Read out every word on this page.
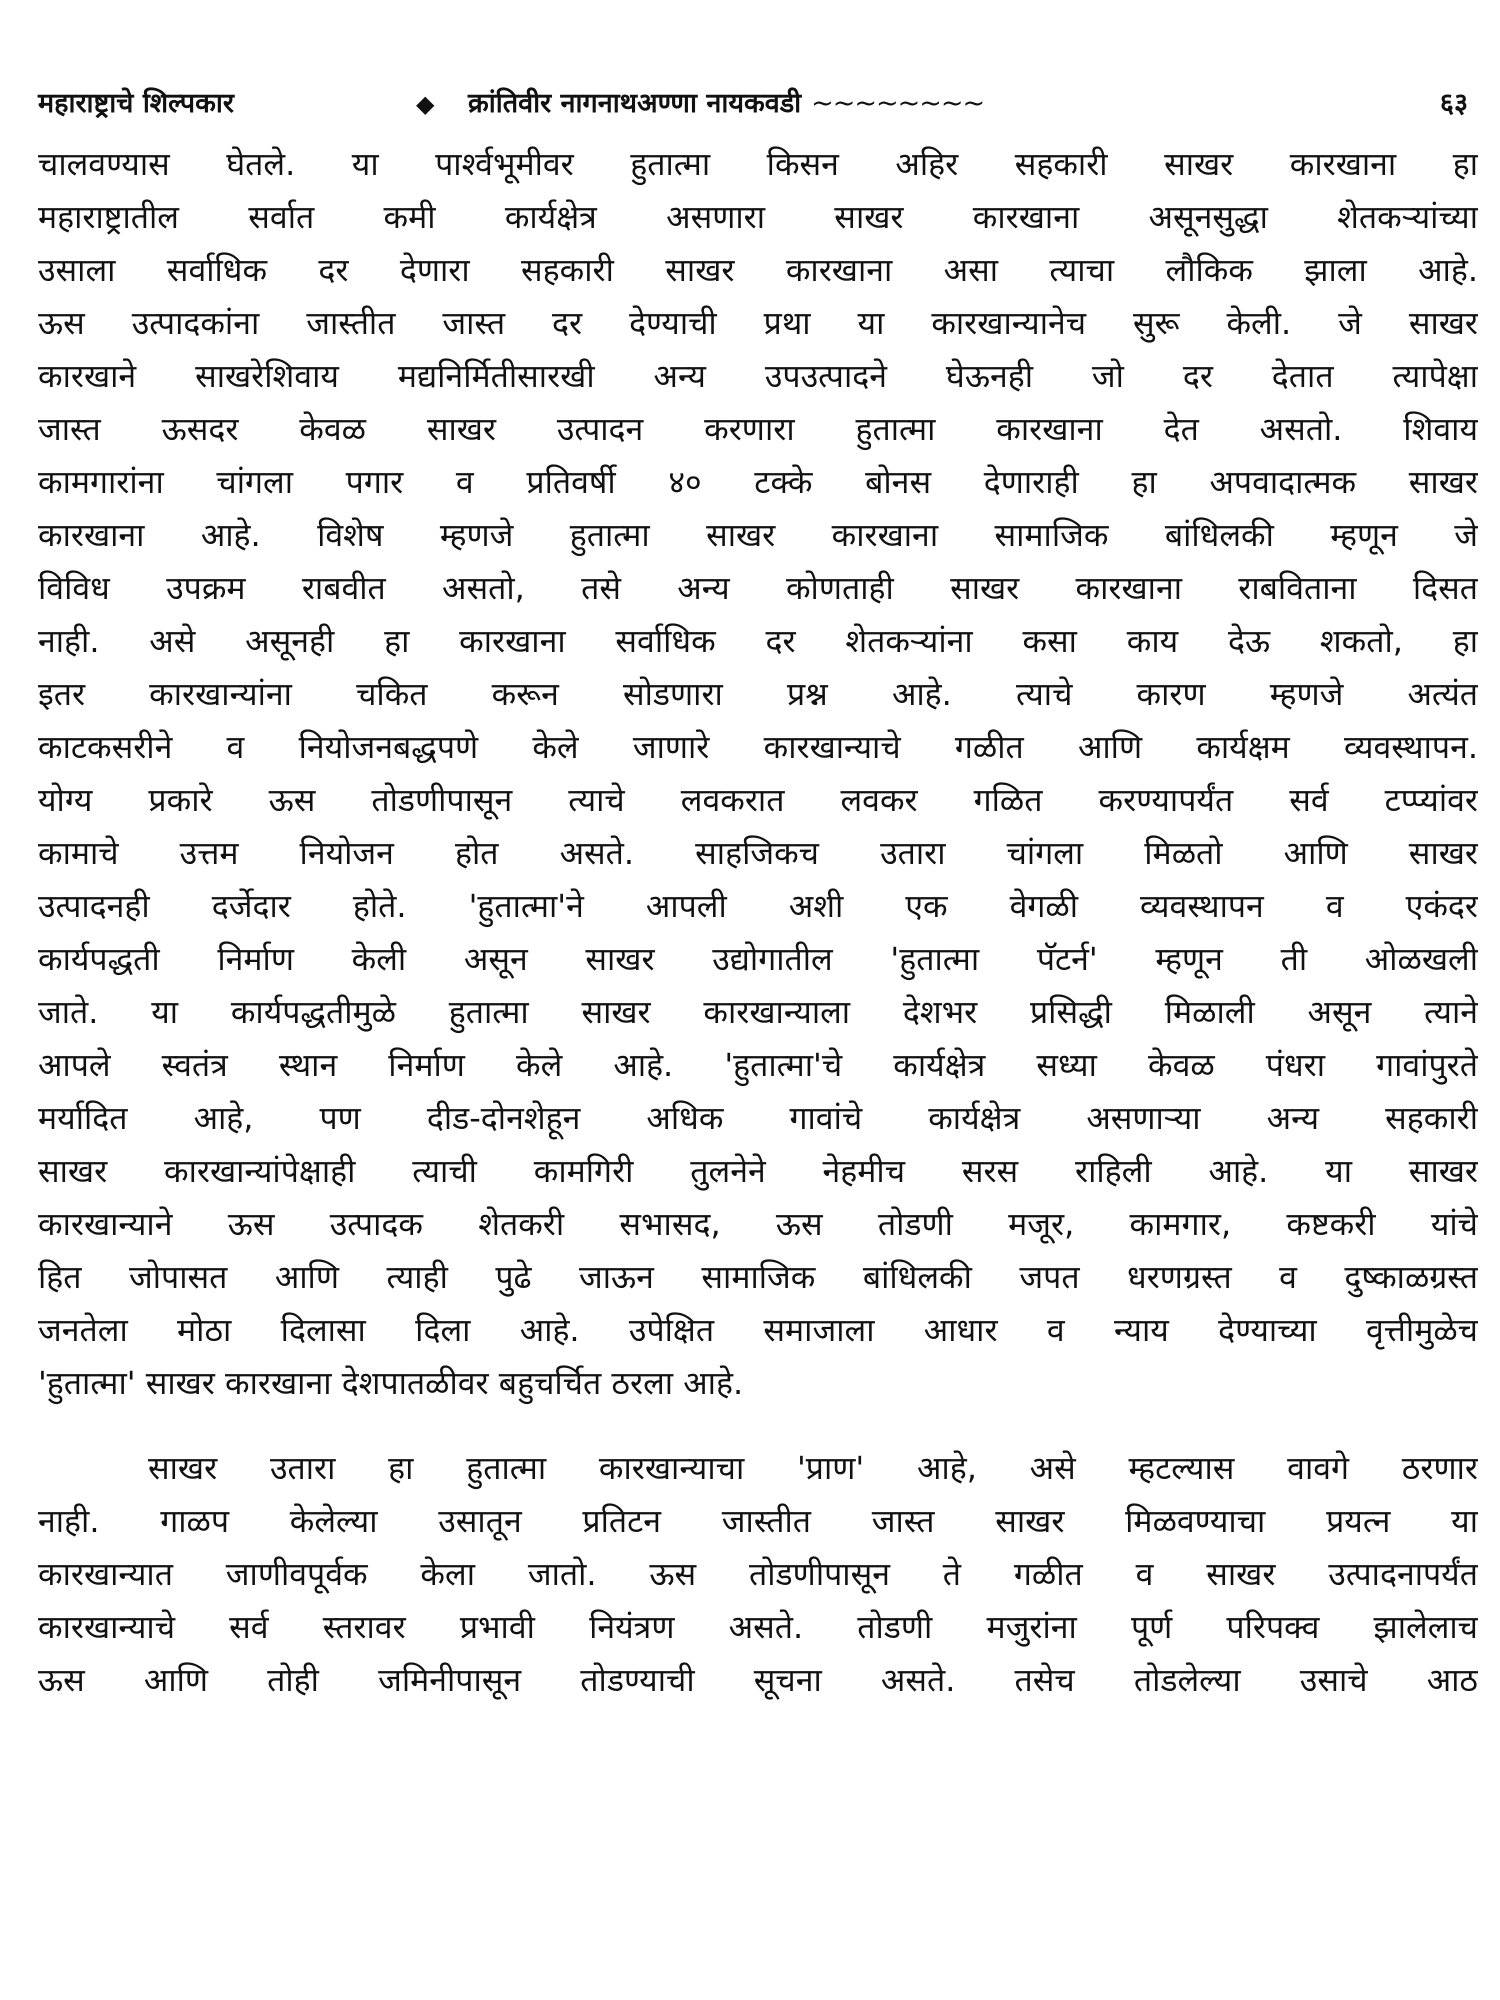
महाराष्ट्राचे शिल्पकार	◆ क्रांतिवीर नागनाथअण्णा नायकवडी ~~~~~~~~	६३
चालवण्यास घेतले. या पार्श्वभूमीवर हुतात्मा किसन अहिर सहकारी साखर कारखाना हा
महाराष्ट्रातील सर्वात कमी कार्यक्षेत्र असणारा साखर कारखाना असूनसुद्धा शेतकऱ्यांच्या
उसाला सर्वाधिक दर देणारा सहकारी साखर कारखाना असा त्याचा लौकिक झाला आहे.
ऊस उत्पादकांना जास्तीत जास्त दर देण्याची प्रथा या कारखान्यानेच सुरू केली. जे साखर
कारखाने साखरेशिवाय मद्यनिर्मितीसारखी अन्य उपउत्पादने घेऊनही जो दर देतात त्यापेक्षा
जास्त ऊसदर केवळ साखर उत्पादन करणारा हुतात्मा कारखाना देत असतो. शिवाय
कामगारांना चांगला पगार व प्रतिवर्षी ४० टक्के बोनस देणाराही हा अपवादात्मक साखर
कारखाना आहे. विशेष म्हणजे हुतात्मा साखर कारखाना सामाजिक बांधिलकी म्हणून जे
विविध उपक्रम राबवीत असतो, तसे अन्य कोणताही साखर कारखाना राबविताना दिसत
नाही. असे असूनही हा कारखाना सर्वाधिक दर शेतकऱ्यांना कसा काय देऊ शकतो, हा
इतर कारखान्यांना चकित करून सोडणारा प्रश्न आहे. त्याचे कारण म्हणजे अत्यंत
काटकसरीने व नियोजनबद्धपणे केले जाणारे कारखान्याचे गळीत आणि कार्यक्षम व्यवस्थापन.
योग्य प्रकारे ऊस तोडणीपासून त्याचे लवकरात लवकर गळित करण्यापर्यंत सर्व टप्प्यांवर
कामाचे उत्तम नियोजन होत असते. साहजिकच उतारा चांगला मिळतो आणि साखर
उत्पादनही दर्जेदार होते. 'हुतात्मा'ने आपली अशी एक वेगळी व्यवस्थापन व एकंदर
कार्यपद्धती निर्माण केली असून साखर उद्योगातील 'हुतात्मा पॅटर्न' म्हणून ती ओळखली
जाते. या कार्यपद्धतीमुळे हुतात्मा साखर कारखान्याला देशभर प्रसिद्धी मिळाली असून त्याने
आपले स्वतंत्र स्थान निर्माण केले आहे. 'हुतात्मा'चे कार्यक्षेत्र सध्या केवळ पंधरा गावांपुरते
मर्यादित आहे, पण दीड-दोनशेहून अधिक गावांचे कार्यक्षेत्र असणाऱ्या अन्य सहकारी
साखर कारखान्यांपेक्षाही त्याची कामगिरी तुलनेने नेहमीच सरस राहिली आहे. या साखर
कारखान्याने ऊस उत्पादक शेतकरी सभासद, ऊस तोडणी मजूर, कामगार, कष्टकरी यांचे
हित जोपासत आणि त्याही पुढे जाऊन सामाजिक बांधिलकी जपत धरणग्रस्त व दुष्काळग्रस्त
जनतेला मोठा दिलासा दिला आहे. उपेक्षित समाजाला आधार व न्याय देण्याच्या वृत्तीमुळेच
'हुतात्मा' साखर कारखाना देशपातळीवर बहुचर्चित ठरला आहे.
साखर उतारा हा हुतात्मा कारखान्याचा 'प्राण' आहे, असे म्हटल्यास वावगे ठरणार
नाही. गाळप केलेल्या उसातून प्रतिटन जास्तीत जास्त साखर मिळवण्याचा प्रयत्न या
कारखान्यात जाणीवपूर्वक केला जातो. ऊस तोडणीपासून ते गळीत व साखर उत्पादनापर्यंत
कारखान्याचे सर्व स्तरावर प्रभावी नियंत्रण असते. तोडणी मजुरांना पूर्ण परिपक्व झालेलाच
ऊस आणि तोही जमिनीपासून तोडण्याची सूचना असते. तसेच तोडलेल्या उसाचे आठ
